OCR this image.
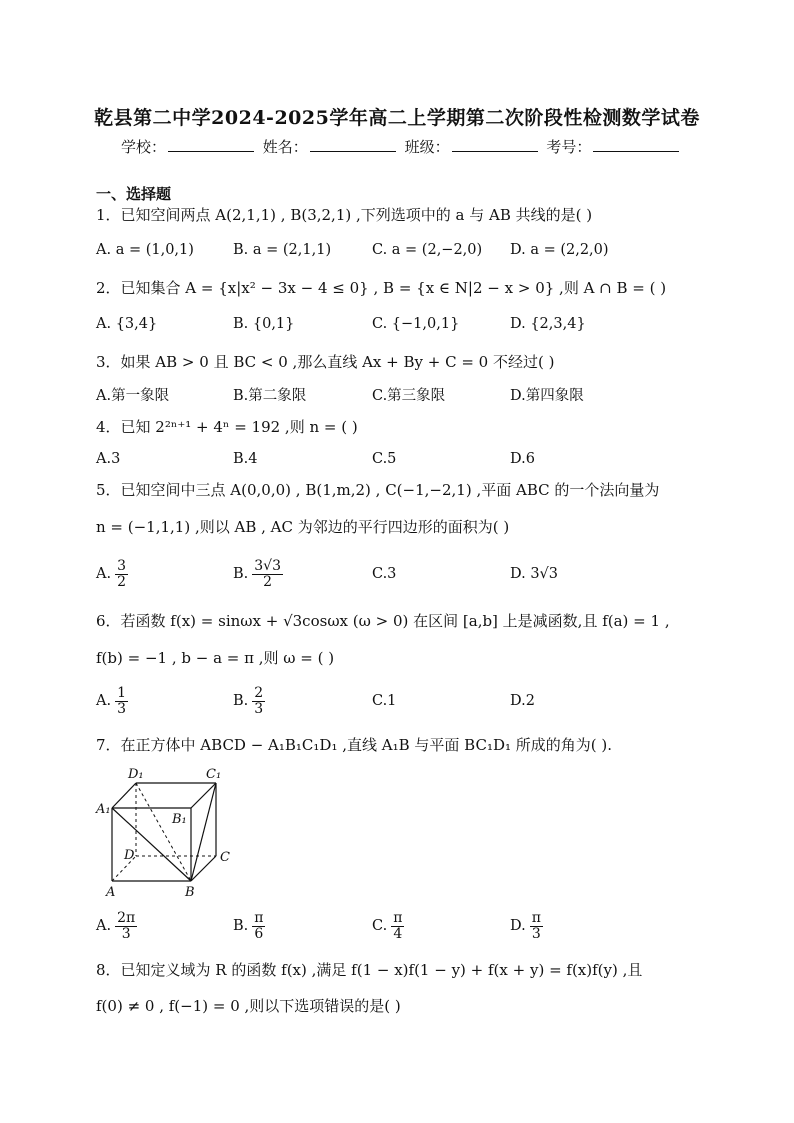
乾县第二中学2024-2025学年高二上学期第二次阶段性检测数学试卷
学校：	姓名：	班级：	考号：
一、选择题
1．已知空间两点 A(2,1,1) , B(3,2,1) ,下列选项中的 a 与 AB 共线的是( )
A. a = (1,0,1)	B. a = (2,1,1)	C. a = (2,−2,0) D. a = (2,2,0)
2．已知集合 A = {x|x² − 3x − 4 ≤ 0} , B = {x ∈ N|2 − x > 0} ,则 A ∩ B = ( )
A. {3,4}	B. {0,1}	C. {−1,0,1}	D. {2,3,4}
3．如果 AB > 0 且 BC < 0 ,那么直线 Ax + By + C = 0 不经过( )
A.第一象限	B.第二象限	C.第三象限	D.第四象限
4．已知 2²ⁿ⁺¹ + 4ⁿ = 192 ,则 n = ( )
A.3	B.4	C.5	D.6
5．已知空间中三点 A(0,0,0) , B(1,m,2) , C(−1,−2,1) ,平面 ABC 的一个法向量为
n = (−1,1,1) ,则以 AB , AC 为邻边的平行四边形的面积为( )
A. $\frac{3}{2}$	B. $\frac{3√3}{2}$	C.3	D. 3√3
6．若函数 f(x) = sinωx + √3cosωx (ω > 0) 在区间 [a,b] 上是减函数,且 f(a) = 1 ,
f(b) = −1 , b − a = π ,则 ω = ( )
A. $\frac{1}{3}$	B. $\frac{2}{3}$	C.1	D.2
7．在正方体中 ABCD − A₁B₁C₁D₁ ,直线 A₁B 与平面 BC₁D₁ 所成的角为( ).
D₁	C₁
A₁
B₁
D	C
A	B
A. $\frac{2\pi}{3}$	B. $\frac{\pi}{6}$	C. $\frac{\pi}{4}$	D. $\frac{\pi}{3}$
8．已知定义域为 R 的函数 f(x) ,满足 f(1 − x)f(1 − y) + f(x + y) = f(x)f(y) ,且
f(0) ≠ 0 , f(−1) = 0 ,则以下选项错误的是( )
